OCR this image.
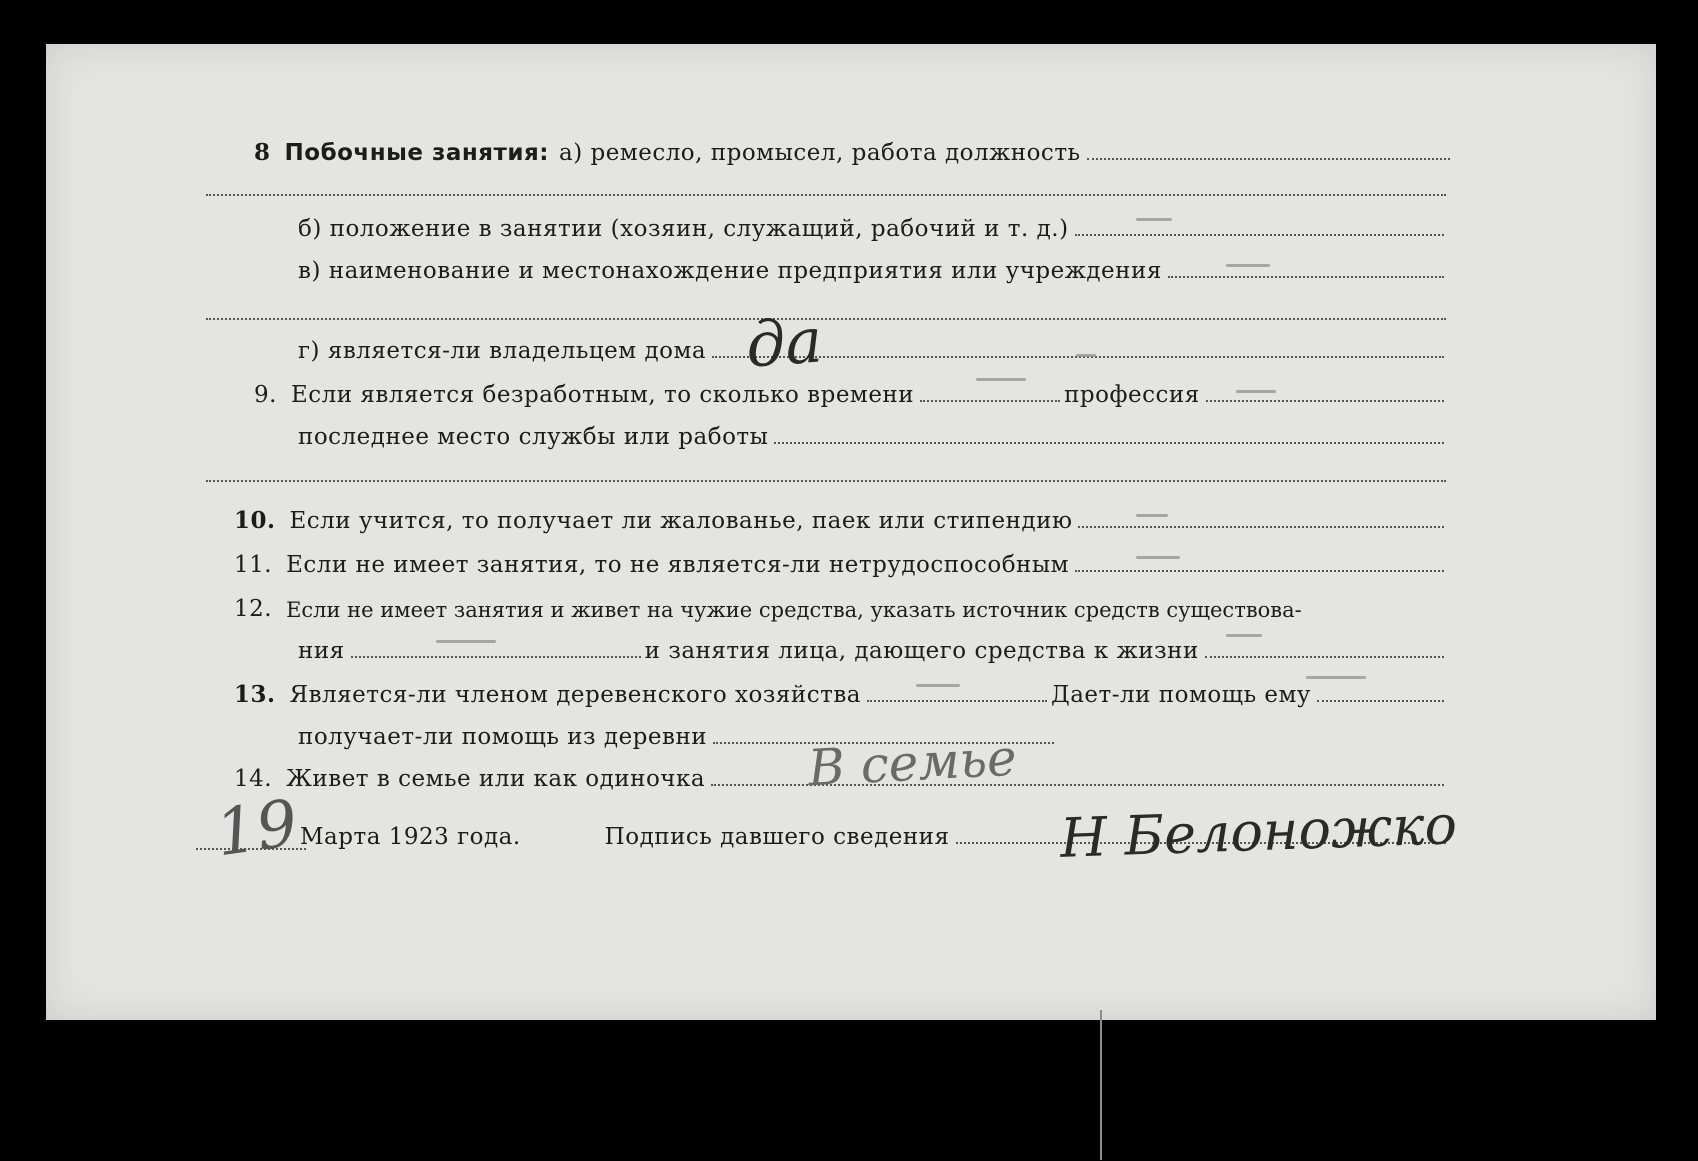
8 Побочные занятия: а) ремесло, промысел, работа должность
б) положение в занятии (хозяин, служащий, рабочий и т. д.)
в) наименование и местонахождение предприятия или учреждения
г) является-ли владельцем дома да
9. Если является безработным, то сколько времени	профессия
последнее место службы или работы
10. Если учится, то получает ли жалованье, паек или стипендию
11. Если не имеет занятия, то не является-ли нетрудоспособным
12. Если не имеет занятия и живет на чужие средства, указать источник средств существова-
ния	и занятия лица, дающего средства к жизни
13. Является-ли членом деревенского хозяйства	Дает-ли помощь ему
получает-ли помощь из деревни
14. Живет в семье или как одиночка В семье
19
Марта 1923 года.	Подпись давшего сведения Н Белоножко
